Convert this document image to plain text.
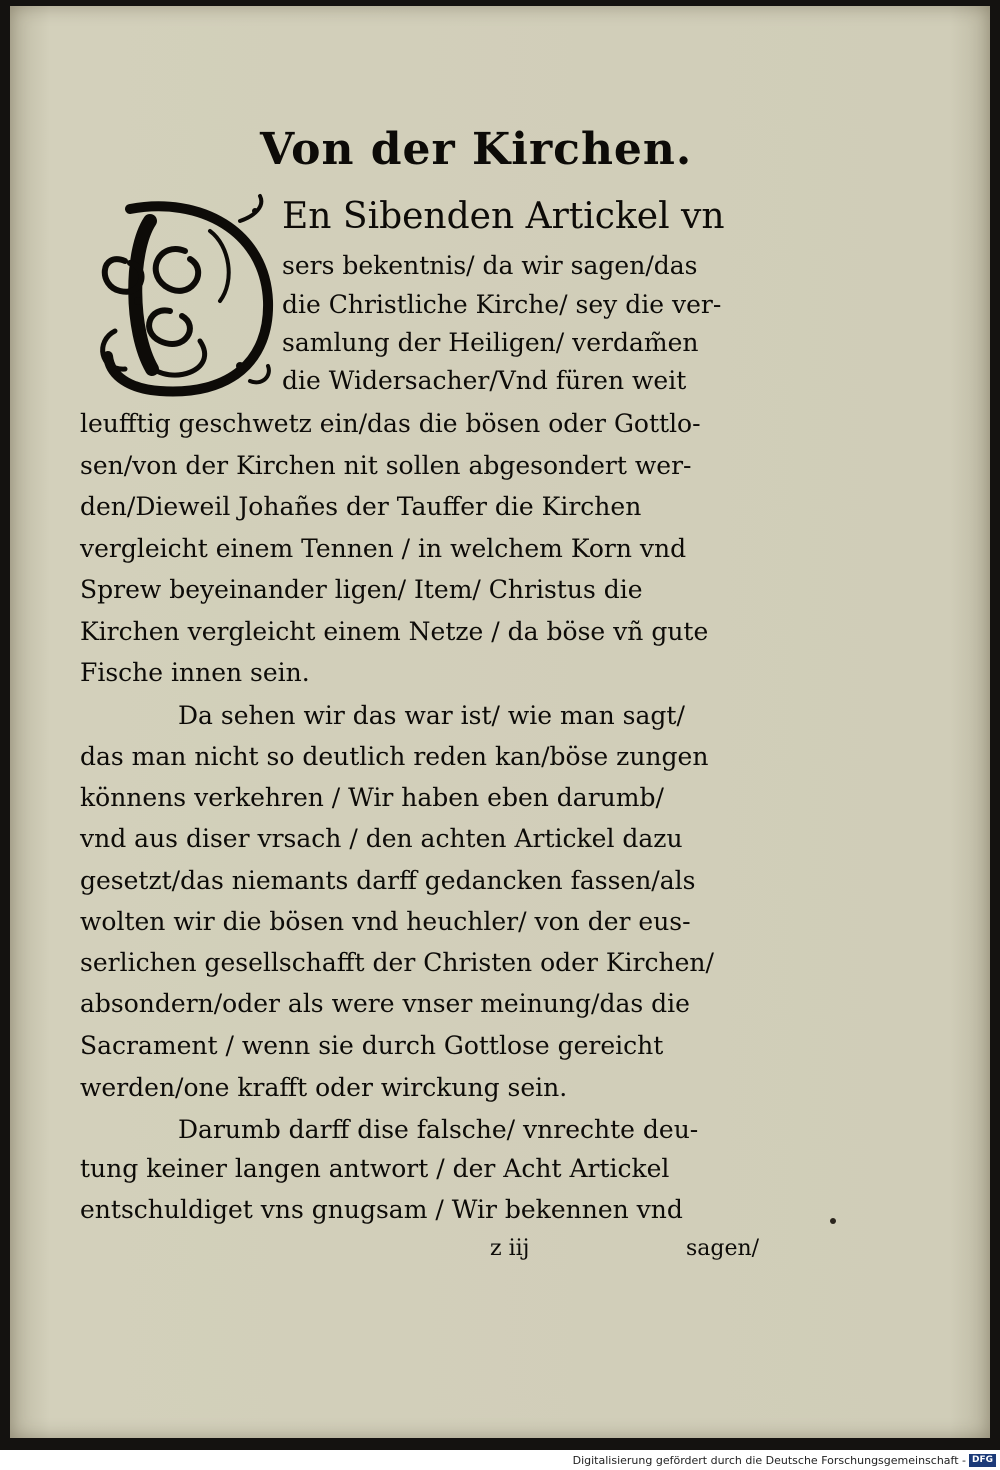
Von der Kirchen.
En Sibenden Artickel vn
sers bekentnis/ da wir sagen/das
die Christliche Kirche/ sey die ver-
samlung der Heiligen/ verdam̃en
die Widersacher/Vnd füren weit
leufftig geschwetz ein/das die bösen oder Gottlo-
sen/von der Kirchen nit sollen abgesondert wer-
den/Dieweil Johañes der Tauffer die Kirchen
vergleicht einem Tennen / in welchem Korn vnd
Sprew beyeinander ligen/ Item/ Christus die
Kirchen vergleicht einem Netze / da böse vñ gute
Fische innen sein.
Da sehen wir das war ist/ wie man sagt/
das man nicht so deutlich reden kan/böse zungen
könnens verkehren / Wir haben eben darumb/
vnd aus diser vrsach / den achten Artickel dazu
gesetzt/das niemants darff gedancken fassen/als
wolten wir die bösen vnd heuchler/ von der eus-
serlichen gesellschafft der Christen oder Kirchen/
absondern/oder als were vnser meinung/das die
Sacrament / wenn sie durch Gottlose gereicht
werden/one krafft oder wirckung sein.
Darumb darff dise falsche/ vnrechte deu-
tung keiner langen antwort / der Acht Artickel
entschuldiget vns gnugsam / Wir bekennen vnd
z iij	sagen/
Digitalisierung gefördert durch die Deutsche Forschungsgemeinschaft - DFG
